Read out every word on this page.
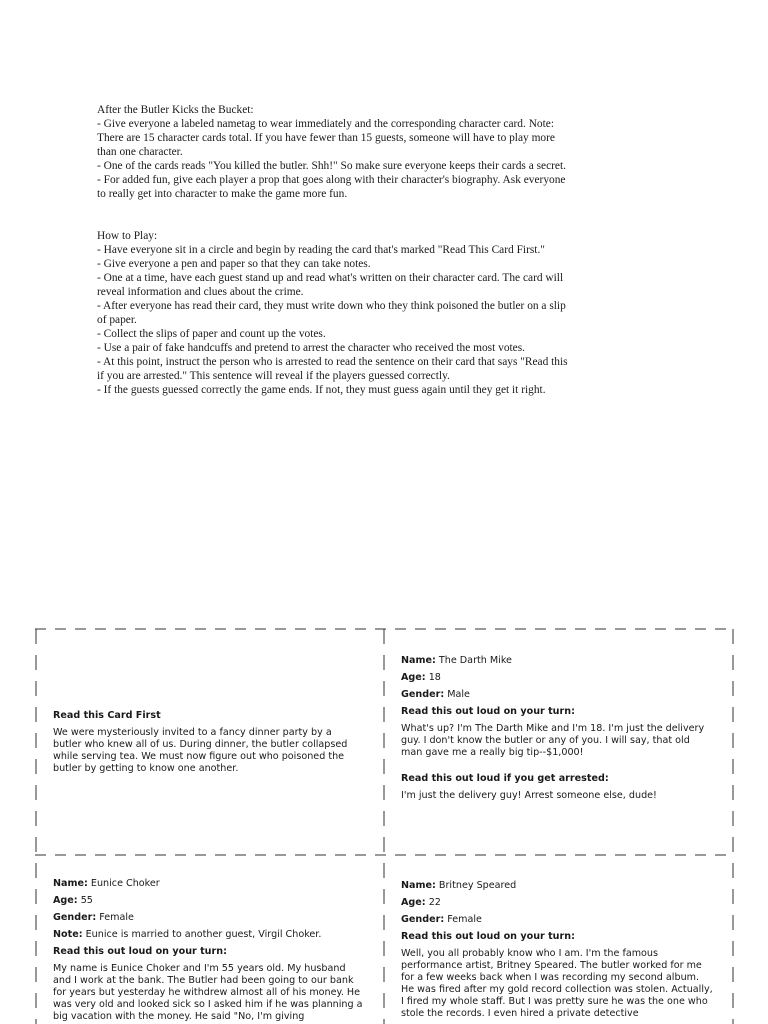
After the Butler Kicks the Bucket:

- Give everyone a labeled nametag to wear immediately and the corresponding character card. Note: There are 15 character cards total. If you have fewer than 15 guests, someone will have to play more than one character.

- One of the cards reads "You killed the butler. Shh!" So make sure everyone keeps their cards a secret.

- For added fun, give each player a prop that goes along with their character's biography. Ask everyone to really get into character to make the game more fun.

How to Play:

- Have everyone sit in a circle and begin by reading the card that's marked "Read This Card First."

- Give everyone a pen and paper so that they can take notes.

- One at a time, have each guest stand up and read what's written on their character card. The card will reveal information and clues about the crime.

- After everyone has read their card, they must write down who they think poisoned the butler on a slip of paper.

- Collect the slips of paper and count up the votes.

- Use a pair of fake handcuffs and pretend to arrest the character who received the most votes.

- At this point, instruct the person who is arrested to read the sentence on their card that says "Read this if you are arrested." This sentence will reveal if the players guessed correctly.

- If the guests guessed correctly the game ends. If not, they must guess again until they get it right.

Read this Card First

We were mysteriously invited to a fancy dinner party by a butler who knew all of us. During dinner, the butler collapsed while serving tea. We must now figure out who poisoned the butler by getting to know one another.

Name: The Darth Mike

Age: 18

Gender: Male

Read this out loud on your turn:

What's up? I'm The Darth Mike and I'm 18. I'm just the delivery guy. I don't know the butler or any of you. I will say, that old man gave me a really big tip--$1,000!

Read this out loud if you get arrested:

I'm just the delivery guy! Arrest someone else, dude!

Name: Eunice Choker

Age: 55

Gender: Female

Note: Eunice is married to another guest, Virgil Choker.

Read this out loud on your turn:

My name is Eunice Choker and I'm 55 years old. My husband and I work at the bank. The Butler had been going to our bank for years but yesterday he withdrew almost all of his money. He was very old and looked sick so I asked him if he was planning a big vacation with the money. He said "No, I'm giving

Name: Britney Speared

Age: 22

Gender: Female

Read this out loud on your turn:

Well, you all probably know who I am. I'm the famous performance artist, Britney Speared. The butler worked for me for a few weeks back when I was recording my second album. He was fired after my gold record collection was stolen. Actually, I fired my whole staff. But I was pretty sure he was the one who stole the records. I even hired a private detective
